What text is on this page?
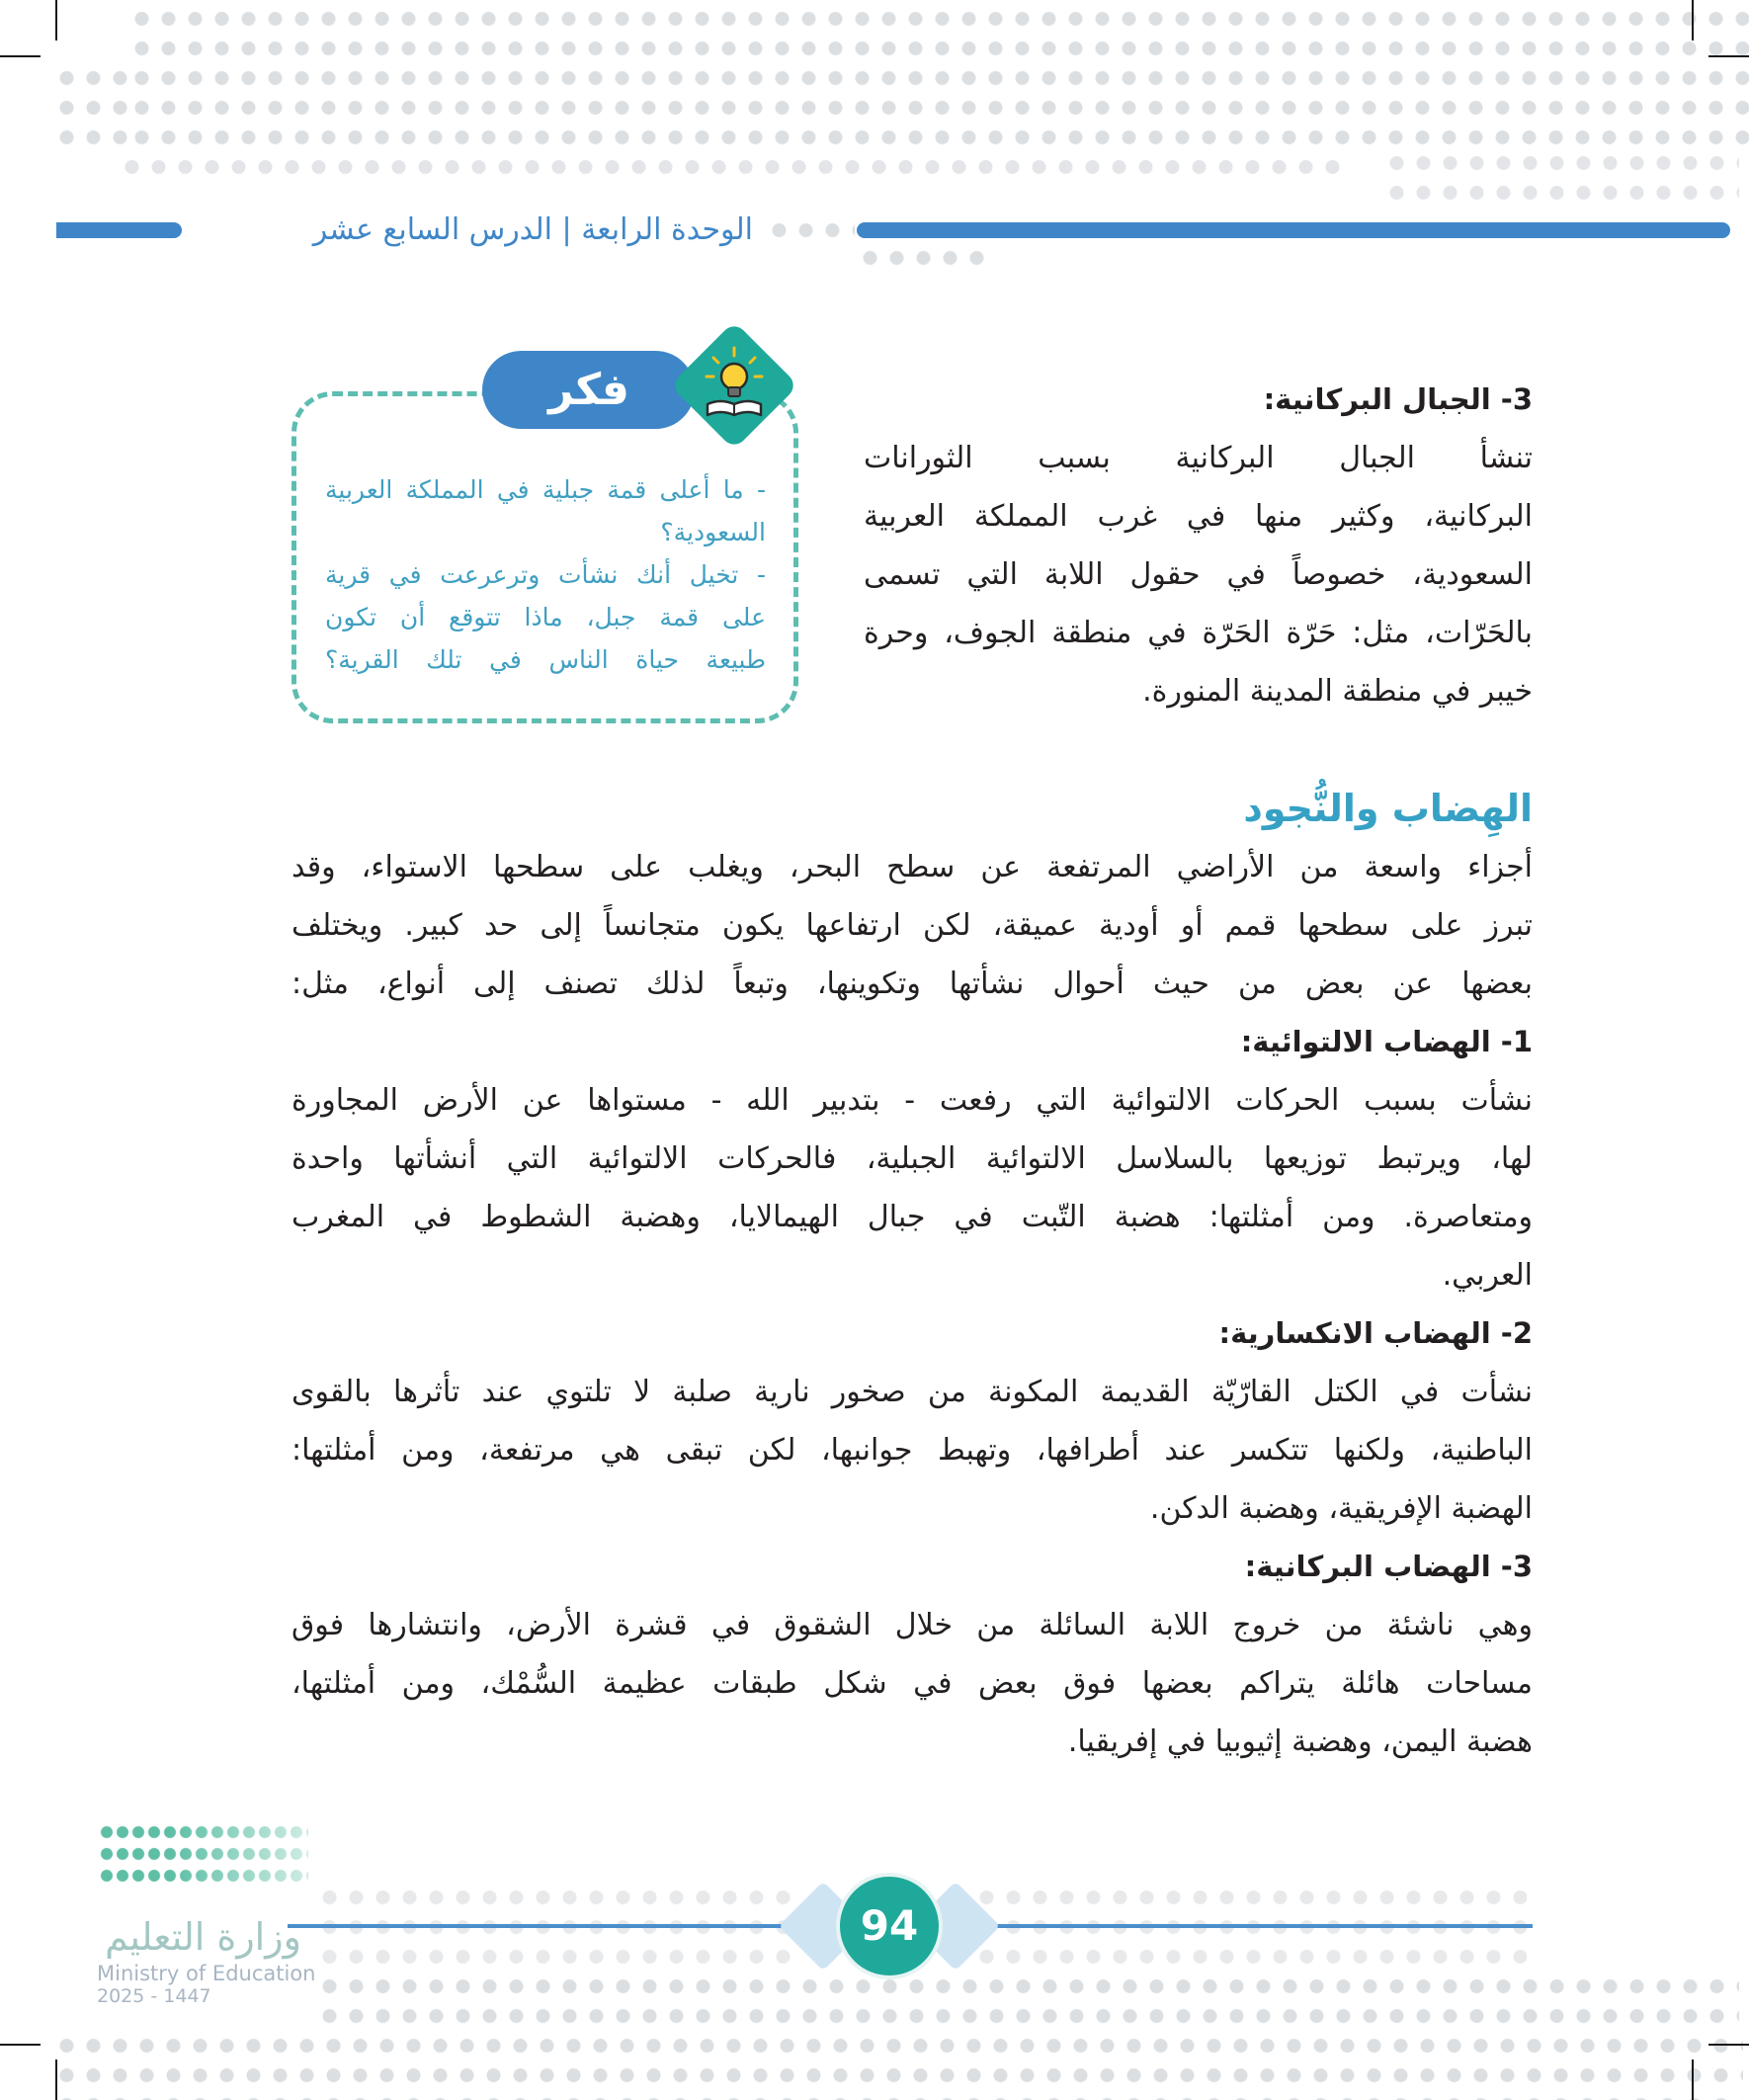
الوحدة الرابعة | الدرس السابع عشر
فكر
- ما أعلى قمة جبلية في المملكة العربية
السعودية؟
- تخيل أنك نشأت وترعرعت في قرية
على قمة جبل، ماذا تتوقع أن تكون
طبيعة حياة الناس في تلك القرية؟
3- الجبال البركانية:
تنشأ الجبال البركانية بسبب الثورانات
البركانية، وكثير منها في غرب المملكة العربية
السعودية، خصوصاً في حقول اللابة التي تسمى
بالحَرّات، مثل: حَرّة الحَرّة في منطقة الجوف، وحرة
خيبر في منطقة المدينة المنورة.
الهِضاب والنُّجود
أجزاء واسعة من الأراضي المرتفعة عن سطح البحر، ويغلب على سطحها الاستواء، وقد
تبرز على سطحها قمم أو أودية عميقة، لكن ارتفاعها يكون متجانساً إلى حد كبير. ويختلف
بعضها عن بعض من حيث أحوال نشأتها وتكوينها، وتبعاً لذلك تصنف إلى أنواع، مثل:
1- الهضاب الالتوائية:
نشأت بسبب الحركات الالتوائية التي رفعت - بتدبير الله - مستواها عن الأرض المجاورة
لها، ويرتبط توزيعها بالسلاسل الالتوائية الجبلية، فالحركات الالتوائية التي أنشأتها واحدة
ومتعاصرة. ومن أمثلتها: هضبة التّبت في جبال الهيمالايا، وهضبة الشطوط في المغرب
العربي.
2- الهضاب الانكسارية:
نشأت في الكتل القارّيّة القديمة المكونة من صخور نارية صلبة لا تلتوي عند تأثرها بالقوى
الباطنية، ولكنها تتكسر عند أطرافها، وتهبط جوانبها، لكن تبقى هي مرتفعة، ومن أمثلتها:
الهضبة الإفريقية، وهضبة الدكن.
3- الهضاب البركانية:
وهي ناشئة من خروج اللابة السائلة من خلال الشقوق في قشرة الأرض، وانتشارها فوق
مساحات هائلة يتراكم بعضها فوق بعض في شكل طبقات عظيمة السُّمْك، ومن أمثلتها،
هضبة اليمن، وهضبة إثيوبيا في إفريقيا.
94
وزارة التعليم
Ministry of Education
2025 - 1447
